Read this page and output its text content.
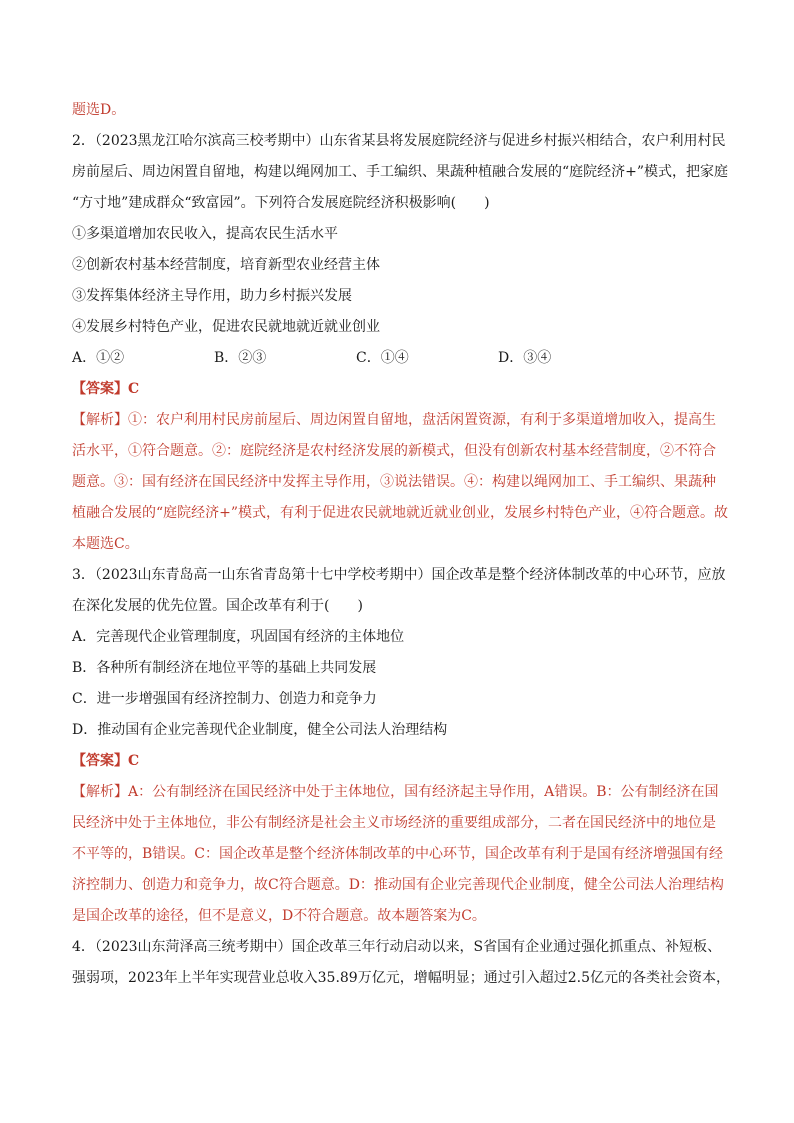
题选D。
2．（2023黑龙江哈尔滨高三校考期中）山东省某县将发展庭院经济与促进乡村振兴相结合，农户利用村民
房前屋后、周边闲置自留地，构建以绳网加工、手工编织、果蔬种植融合发展的“庭院经济+”模式，把家庭
“方寸地”建成群众“致富园”。下列符合发展庭院经济积极影响(　　)
①多渠道增加农民收入，提高农民生活水平
②创新农村基本经营制度，培育新型农业经营主体
③发挥集体经济主导作用，助力乡村振兴发展
④发展乡村特色产业，促进农民就地就近就业创业
A．①②	B．②③	C．①④	D．③④
【答案】C
【解析】①：农户利用村民房前屋后、周边闲置自留地，盘活闲置资源，有利于多渠道增加收入，提高生
活水平，①符合题意。②：庭院经济是农村经济发展的新模式，但没有创新农村基本经营制度，②不符合
题意。③：国有经济在国民经济中发挥主导作用，③说法错误。④：构建以绳网加工、手工编织、果蔬种
植融合发展的“庭院经济+”模式，有利于促进农民就地就近就业创业，发展乡村特色产业，④符合题意。故
本题选C。
3．（2023山东青岛高一山东省青岛第十七中学校考期中）国企改革是整个经济体制改革的中心环节，应放
在深化发展的优先位置。国企改革有利于(　　)
A．完善现代企业管理制度，巩固国有经济的主体地位
B．各种所有制经济在地位平等的基础上共同发展
C．进一步增强国有经济控制力、创造力和竞争力
D．推动国有企业完善现代企业制度，健全公司法人治理结构
【答案】C
【解析】A：公有制经济在国民经济中处于主体地位，国有经济起主导作用，A错误。B：公有制经济在国
民经济中处于主体地位，非公有制经济是社会主义市场经济的重要组成部分，二者在国民经济中的地位是
不平等的，B错误。C：国企改革是整个经济体制改革的中心环节，国企改革有利于是国有经济增强国有经
济控制力、创造力和竞争力，故C符合题意。D：推动国有企业完善现代企业制度，健全公司法人治理结构
是国企改革的途径，但不是意义，D不符合题意。故本题答案为C。
4．（2023山东菏泽高三统考期中）国企改革三年行动启动以来，S省国有企业通过强化抓重点、补短板、
强弱项，2023年上半年实现营业总收入35.89万亿元，增幅明显；通过引入超过2.5亿元的各类社会资本，
